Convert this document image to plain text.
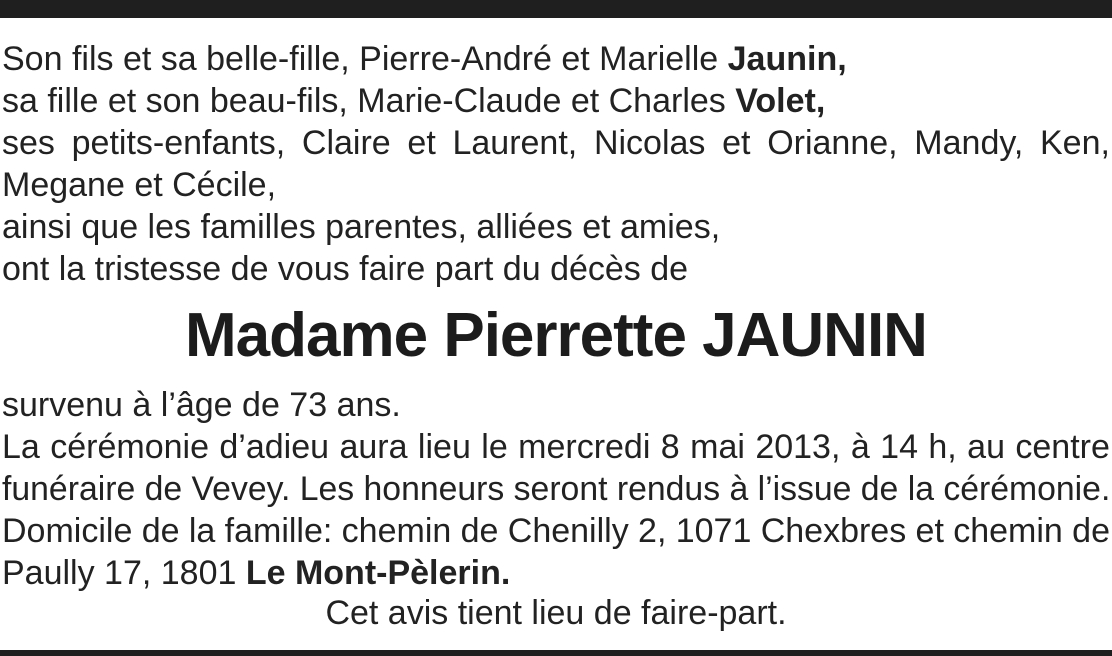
Son fils et sa belle-fille, Pierre-André et Marielle Jaunin,
sa fille et son beau-fils, Marie-Claude et Charles Volet,
ses petits-enfants, Claire et Laurent, Nicolas et Orianne, Mandy, Ken,
Megane et Cécile,
ainsi que les familles parentes, alliées et amies,
ont la tristesse de vous faire part du décès de
Madame Pierrette JAUNIN
survenu à l’âge de 73 ans.
La cérémonie d’adieu aura lieu le mercredi 8 mai 2013, à 14 h, au centre
funéraire de Vevey. Les honneurs seront rendus à l’issue de la cérémonie.
Domicile de la famille: chemin de Chenilly 2, 1071 Chexbres et chemin de
Paully 17, 1801 Le Mont-Pèlerin.
Cet avis tient lieu de faire-part.
